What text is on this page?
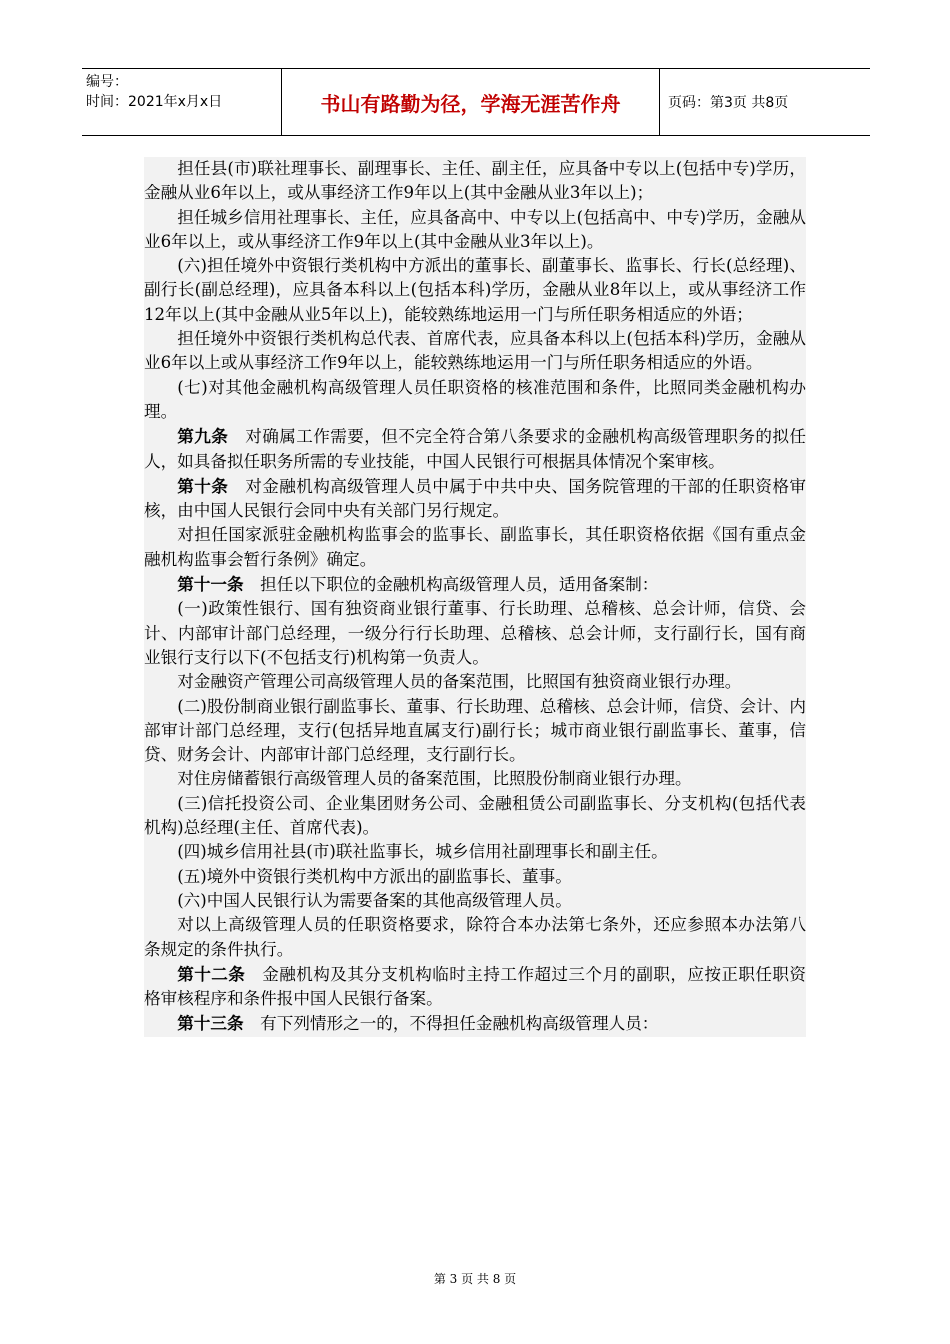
编号：
时间：2021年x月x日	书山有路勤为径，学海无涯苦作舟	页码：第3页 共8页

担任县(市)联社理事长、副理事长、主任、副主任，应具备中专以上(包括中专)学历，金融从业6年以上，或从事经济工作9年以上(其中金融从业3年以上)；

担任城乡信用社理事长、主任，应具备高中、中专以上(包括高中、中专)学历，金融从业6年以上，或从事经济工作9年以上(其中金融从业3年以上)。

(六)担任境外中资银行类机构中方派出的董事长、副董事长、监事长、行长(总经理)、副行长(副总经理)，应具备本科以上(包括本科)学历，金融从业8年以上，或从事经济工作12年以上(其中金融从业5年以上)，能较熟练地运用一门与所任职务相适应的外语；

担任境外中资银行类机构总代表、首席代表，应具备本科以上(包括本科)学历，金融从业6年以上或从事经济工作9年以上，能较熟练地运用一门与所任职务相适应的外语。

(七)对其他金融机构高级管理人员任职资格的核准范围和条件，比照同类金融机构办理。

第九条　 对确属工作需要，但不完全符合第八条要求的金融机构高级管理职务的拟任人，如具备拟任职务所需的专业技能，中国人民银行可根据具体情况个案审核。

第十条　 对金融机构高级管理人员中属于中共中央、国务院管理的干部的任职资格审核，由中国人民银行会同中央有关部门另行规定。

对担任国家派驻金融机构监事会的监事长、副监事长，其任职资格依据《国有重点金融机构监事会暂行条例》确定。

第十一条　 担任以下职位的金融机构高级管理人员，适用备案制：

(一)政策性银行、国有独资商业银行董事、行长助理、总稽核、总会计师，信贷、会计、内部审计部门总经理，一级分行行长助理、总稽核、总会计师，支行副行长，国有商业银行支行以下(不包括支行)机构第一负责人。

对金融资产管理公司高级管理人员的备案范围，比照国有独资商业银行办理。

(二)股份制商业银行副监事长、董事、行长助理、总稽核、总会计师，信贷、会计、内部审计部门总经理，支行(包括异地直属支行)副行长；城市商业银行副监事长、董事，信贷、财务会计、内部审计部门总经理，支行副行长。

对住房储蓄银行高级管理人员的备案范围，比照股份制商业银行办理。

(三)信托投资公司、企业集团财务公司、金融租赁公司副监事长、分支机构(包括代表机构)总经理(主任、首席代表)。

(四)城乡信用社县(市)联社监事长，城乡信用社副理事长和副主任。

(五)境外中资银行类机构中方派出的副监事长、董事。

(六)中国人民银行认为需要备案的其他高级管理人员。

对以上高级管理人员的任职资格要求，除符合本办法第七条外，还应参照本办法第八条规定的条件执行。

第十二条　 金融机构及其分支机构临时主持工作超过三个月的副职，应按正职任职资格审核程序和条件报中国人民银行备案。

第十三条　 有下列情形之一的，不得担任金融机构高级管理人员：

第 3 页 共 8 页
